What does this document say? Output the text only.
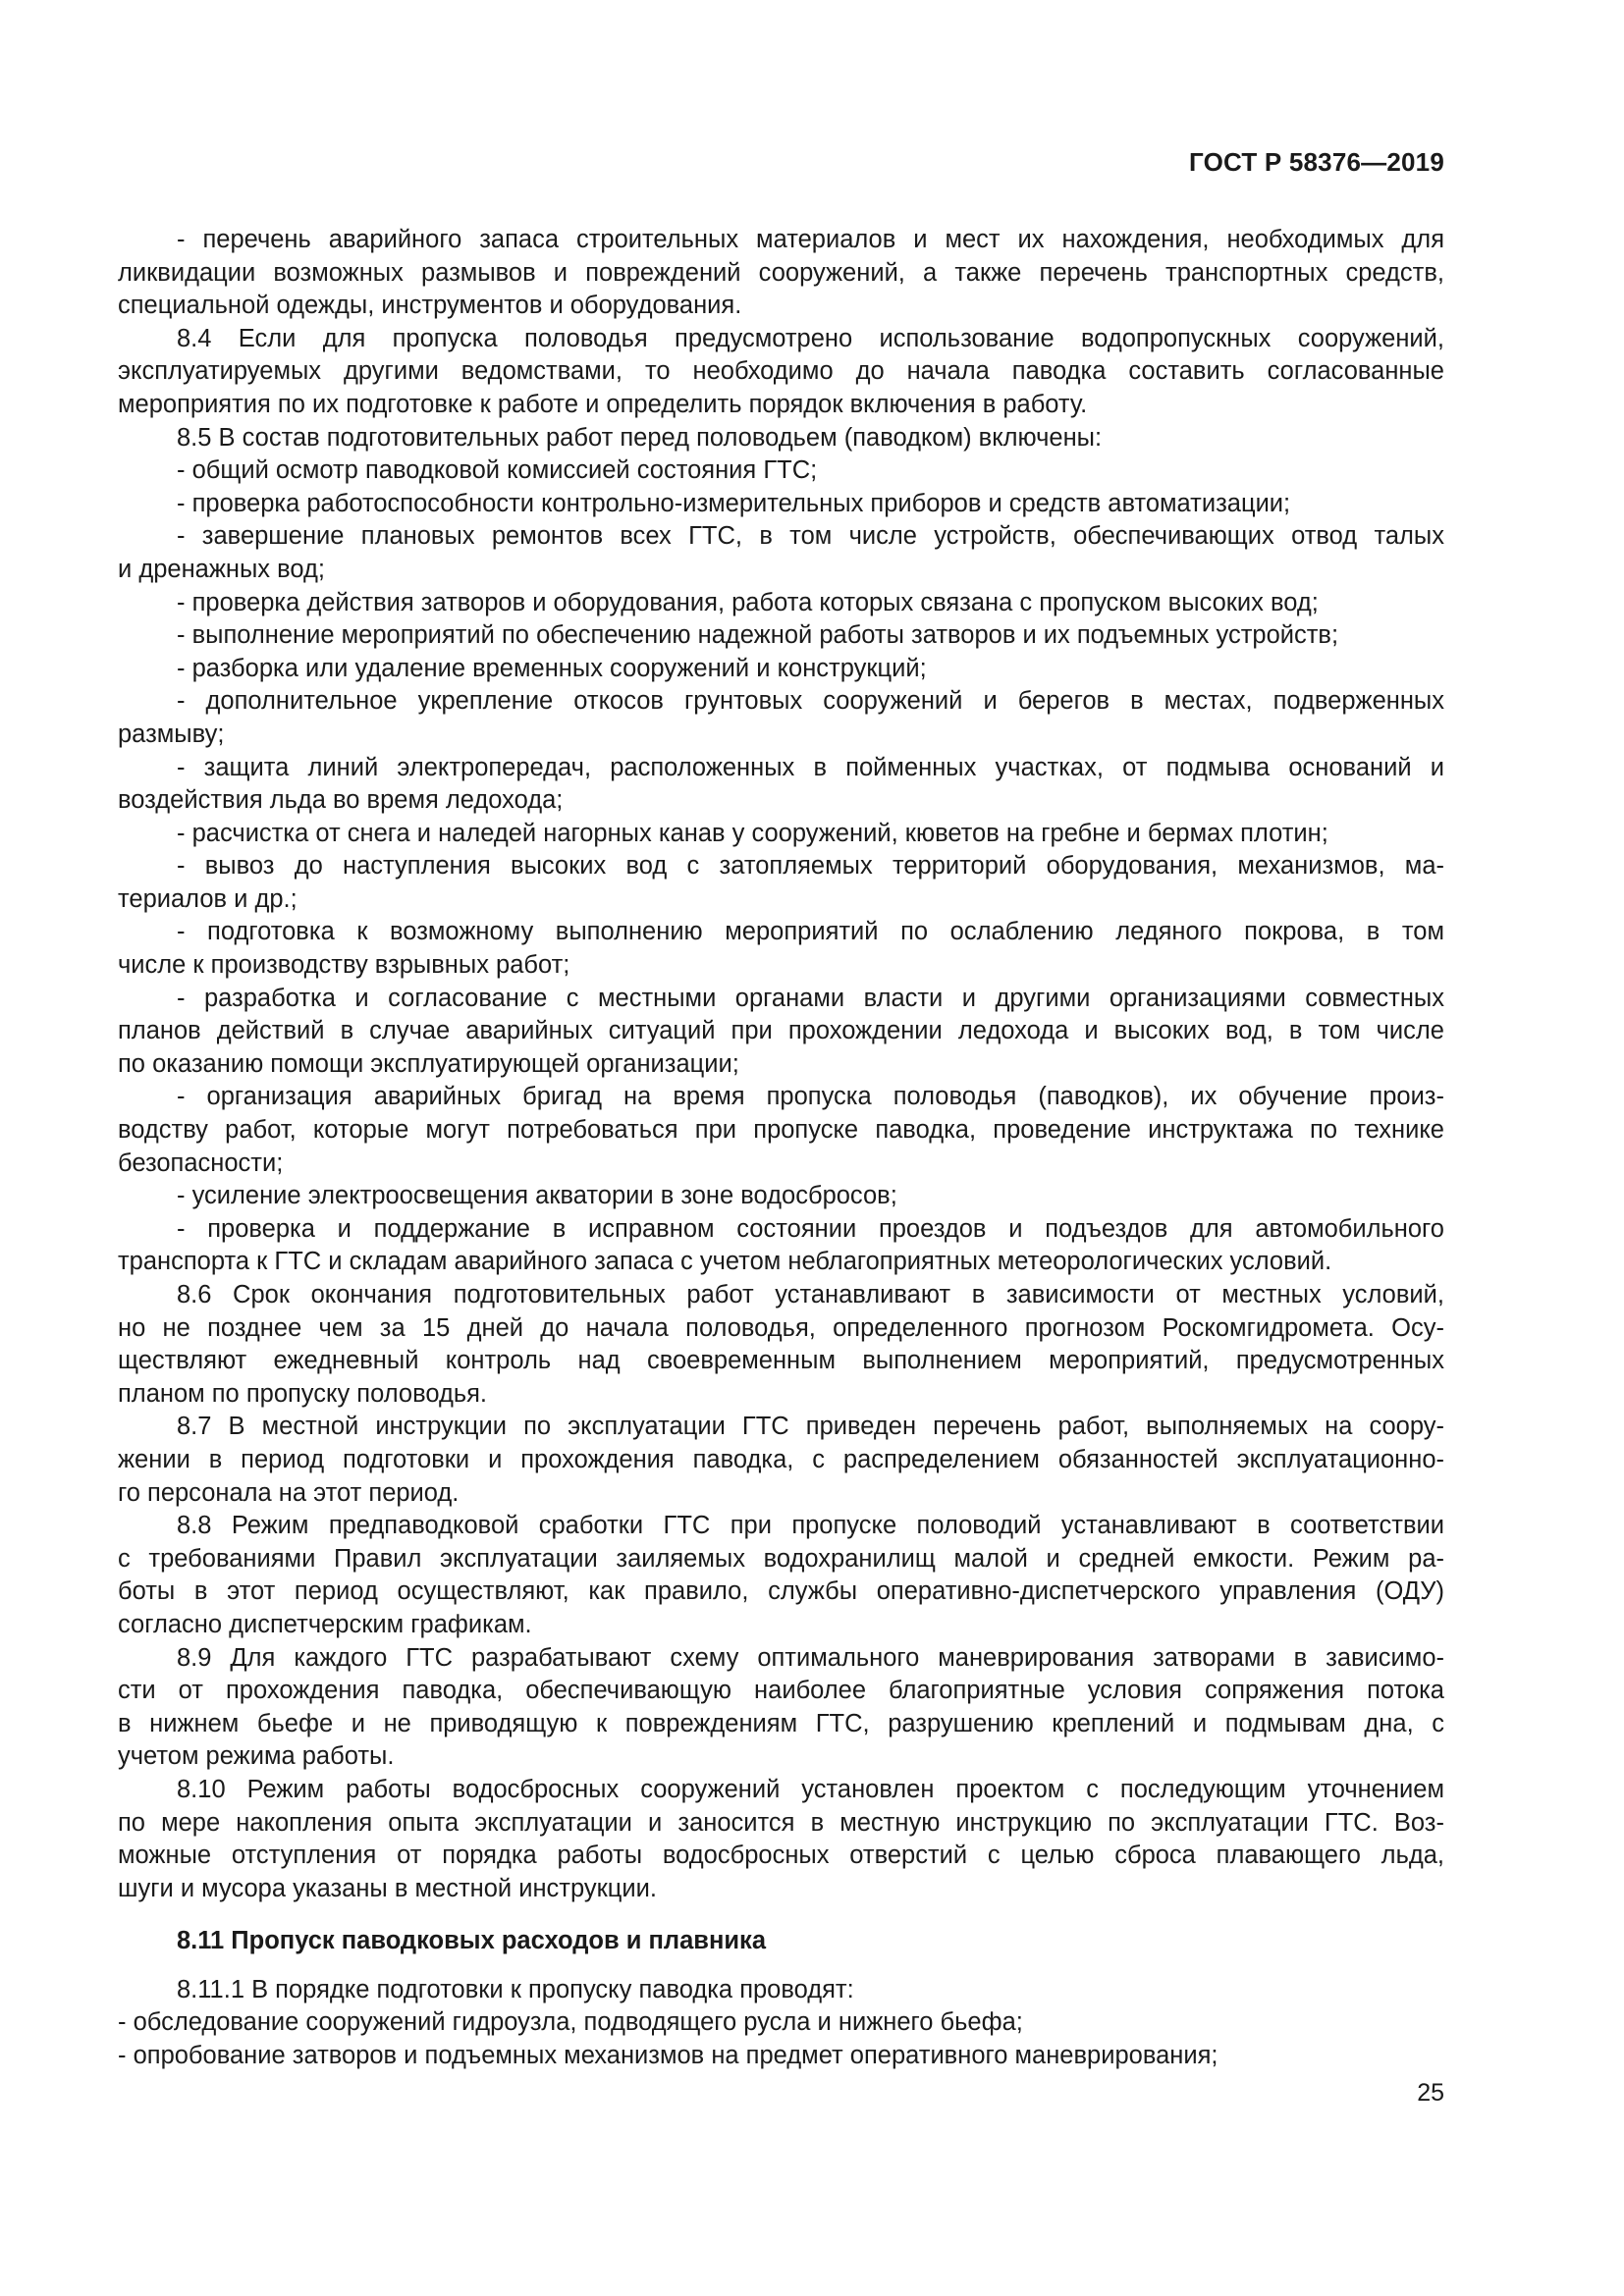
ГОСТ Р 58376—2019
- перечень аварийного запаса строительных материалов и мест их нахождения, необходимых для
ликвидации возможных размывов и повреждений сооружений, а также перечень транспортных средств,
специальной одежды, инструментов и оборудования.
8.4 Если для пропуска половодья предусмотрено использование водопропускных сооружений,
эксплуатируемых другими ведомствами, то необходимо до начала паводка составить согласованные
мероприятия по их подготовке к работе и определить порядок включения в работу.
8.5 В состав подготовительных работ перед половодьем (паводком) включены:
- общий осмотр паводковой комиссией состояния ГТС;
- проверка работоспособности контрольно-измерительных приборов и средств автоматизации;
- завершение плановых ремонтов всех ГТС, в том числе устройств, обеспечивающих отвод талых
и дренажных вод;
- проверка действия затворов и оборудования, работа которых связана с пропуском высоких вод;
- выполнение мероприятий по обеспечению надежной работы затворов и их подъемных устройств;
- разборка или удаление временных сооружений и конструкций;
- дополнительное укрепление откосов грунтовых сооружений и берегов в местах, подверженных
размыву;
- защита линий электропередач, расположенных в пойменных участках, от подмыва оснований и
воздействия льда во время ледохода;
- расчистка от снега и наледей нагорных канав у сооружений, кюветов на гребне и бермах плотин;
- вывоз до наступления высоких вод с затопляемых территорий оборудования, механизмов, ма-
териалов и др.;
- подготовка к возможному выполнению мероприятий по ослаблению ледяного покрова, в том
числе к производству взрывных работ;
- разработка и согласование с местными органами власти и другими организациями совместных
планов действий в случае аварийных ситуаций при прохождении ледохода и высоких вод, в том числе
по оказанию помощи эксплуатирующей организации;
- организация аварийных бригад на время пропуска половодья (паводков), их обучение произ-
водству работ, которые могут потребоваться при пропуске паводка, проведение инструктажа по технике
безопасности;
- усиление электроосвещения акватории в зоне водосбросов;
- проверка и поддержание в исправном состоянии проездов и подъездов для автомобильного
транспорта к ГТС и складам аварийного запаса с учетом неблагоприятных метеорологических условий.
8.6 Срок окончания подготовительных работ устанавливают в зависимости от местных условий,
но не позднее чем за 15 дней до начала половодья, определенного прогнозом Роскомгидромета. Осу-
ществляют ежедневный контроль над своевременным выполнением мероприятий, предусмотренных
планом по пропуску половодья.
8.7 В местной инструкции по эксплуатации ГТС приведен перечень работ, выполняемых на соору-
жении в период подготовки и прохождения паводка, с распределением обязанностей эксплуатационно-
го персонала на этот период.
8.8 Режим предпаводковой сработки ГТС при пропуске половодий устанавливают в соответствии
с требованиями Правил эксплуатации заиляемых водохранилищ малой и средней емкости. Режим ра-
боты в этот период осуществляют, как правило, службы оперативно-диспетчерского управления (ОДУ)
согласно диспетчерским графикам.
8.9 Для каждого ГТС разрабатывают схему оптимального маневрирования затворами в зависимо-
сти от прохождения паводка, обеспечивающую наиболее благоприятные условия сопряжения потока
в нижнем бьефе и не приводящую к повреждениям ГТС, разрушению креплений и подмывам дна, с
учетом режима работы.
8.10 Режим работы водосбросных сооружений установлен проектом с последующим уточнением
по мере накопления опыта эксплуатации и заносится в местную инструкцию по эксплуатации ГТС. Воз-
можные отступления от порядка работы водосбросных отверстий с целью сброса плавающего льда,
шуги и мусора указаны в местной инструкции.
8.11 Пропуск паводковых расходов и плавника
8.11.1 В порядке подготовки к пропуску паводка проводят:
- обследование сооружений гидроузла, подводящего русла и нижнего бьефа;
- опробование затворов и подъемных механизмов на предмет оперативного маневрирования;
25
